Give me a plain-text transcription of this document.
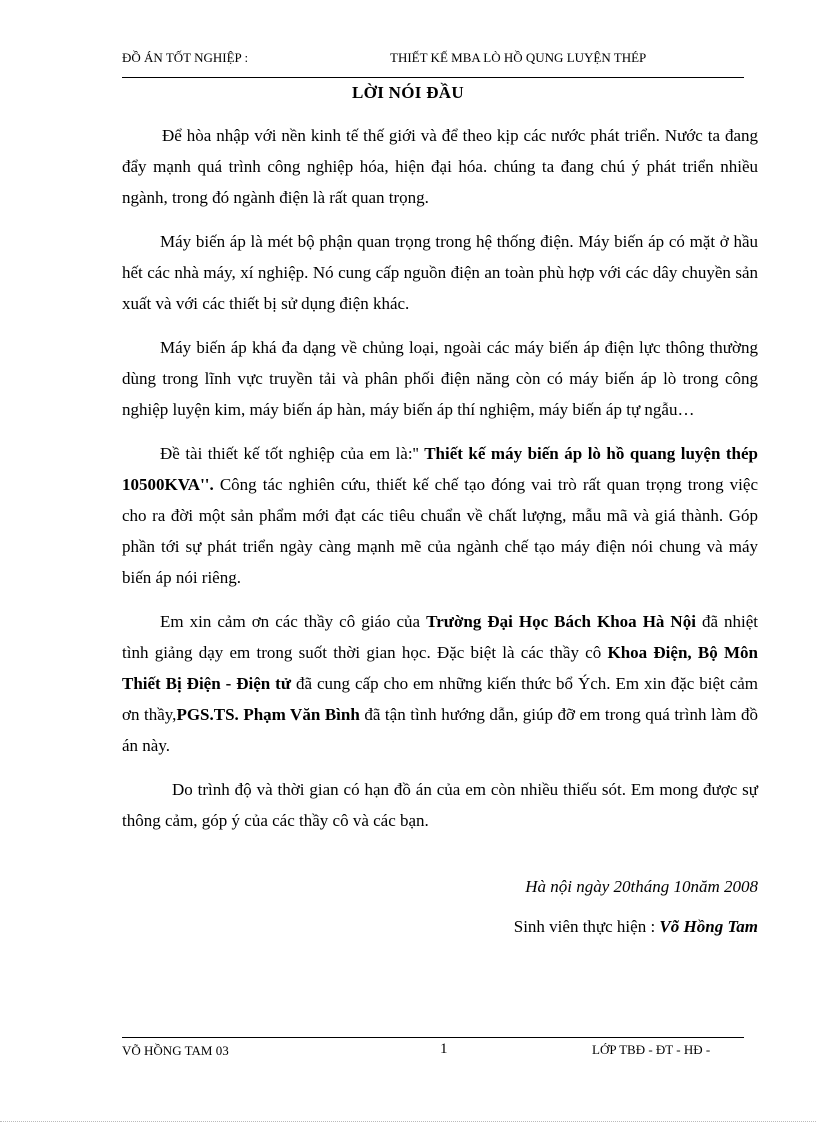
ĐỒ ÁN TỐT NGHIỆP :	THIẾT KẾ MBA LÒ HỒ QUNG LUYỆN THÉP
LỜI NÓI ĐẦU

Để hòa nhập với nền kinh tế thế giới và để theo kịp các nước phát triển. Nước ta đang đẩy mạnh quá trình công nghiệp hóa, hiện đại hóa. chúng ta đang chú ý phát triển nhiều ngành, trong đó ngành điện là rất quan trọng.

Máy biến áp là mét bộ phận quan trọng trong hệ thống điện. Máy biến áp có mặt ở hầu hết các nhà máy, xí nghiệp. Nó cung cấp nguồn điện an toàn phù hợp với các dây chuyền sản xuất và với các thiết bị sử dụng điện khác.

Máy biến áp khá đa dạng về chủng loại, ngoài các máy biến áp điện lực thông thường dùng trong lĩnh vực truyền tải và phân phối điện năng còn có máy biến áp lò trong công nghiệp luyện kim, máy biến áp hàn, máy biến áp thí nghiệm, máy biến áp tự ngẫu…

Đề tài thiết kế tốt nghiệp của em là:'' Thiết kế máy biến áp lò hồ quang luyện thép 10500KVA''. Công tác nghiên cứu, thiết kế chế tạo đóng vai trò rất quan trọng trong việc cho ra đời một sản phẩm mới đạt các tiêu chuẩn về chất lượng, mẫu mã và giá thành. Góp phần tới sự phát triển ngày càng mạnh mẽ của ngành chế tạo máy điện nói chung và máy biến áp nói riêng.

Em xin cảm ơn các thầy cô giáo của Trường Đại Học Bách Khoa Hà Nội đã nhiệt tình giảng dạy em trong suốt thời gian học. Đặc biệt là các thầy cô Khoa Điện, Bộ Môn Thiết Bị Điện - Điện tử đã cung cấp cho em những kiến thức bổ Ých. Em xin đặc biệt cảm ơn thầy,PGS.TS. Phạm Văn Bình đã tận tình hướng dẫn, giúp đỡ em trong quá trình làm đồ án này.

Do trình độ và thời gian có hạn đồ án của em còn nhiều thiếu sót. Em mong được sự thông cảm, góp ý của các thầy cô và các bạn.

Hà nội ngày 20tháng 10năm 2008
Sinh viên thực hiện : Võ Hồng Tam
VÕ HỒNG TAM 03	1	LỚP TBĐ - ĐT - HĐ -
